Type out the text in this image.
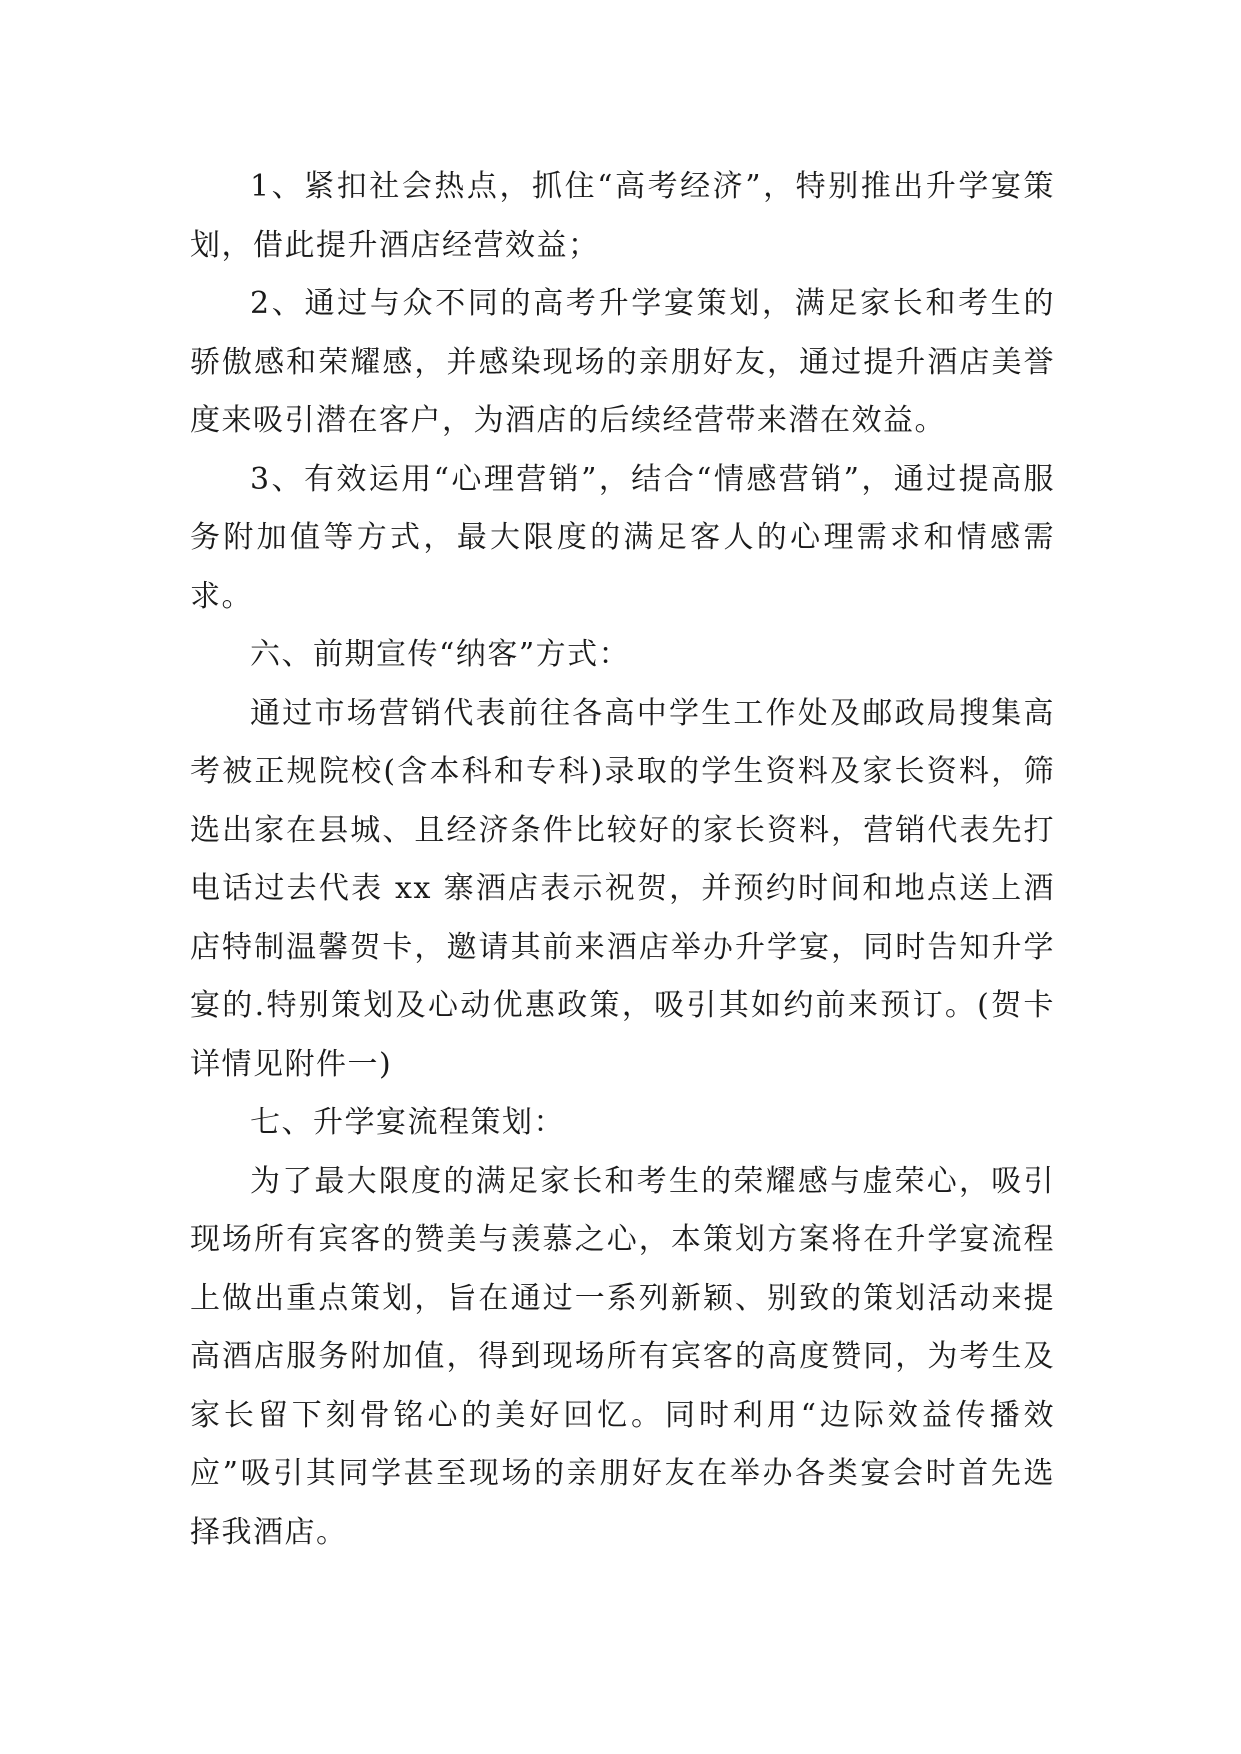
1、紧扣社会热点，抓住“高考经济”，特别推出升学宴策划，借此提升酒店经营效益；

2、通过与众不同的高考升学宴策划，满足家长和考生的骄傲感和荣耀感，并感染现场的亲朋好友，通过提升酒店美誉度来吸引潜在客户，为酒店的后续经营带来潜在效益。

3、有效运用“心理营销”，结合“情感营销”，通过提高服务附加值等方式，最大限度的满足客人的心理需求和情感需求。

六、前期宣传“纳客”方式：

通过市场营销代表前往各高中学生工作处及邮政局搜集高考被正规院校(含本科和专科)录取的学生资料及家长资料，筛选出家在县城、且经济条件比较好的家长资料，营销代表先打电话过去代表 xx 寨酒店表示祝贺，并预约时间和地点送上酒店特制温馨贺卡，邀请其前来酒店举办升学宴，同时告知升学宴的.特别策划及心动优惠政策，吸引其如约前来预订。(贺卡详情见附件一)

七、升学宴流程策划：

为了最大限度的满足家长和考生的荣耀感与虚荣心，吸引现场所有宾客的赞美与羡慕之心，本策划方案将在升学宴流程上做出重点策划，旨在通过一系列新颖、别致的策划活动来提高酒店服务附加值，得到现场所有宾客的高度赞同，为考生及家长留下刻骨铭心的美好回忆。同时利用“边际效益传播效应”吸引其同学甚至现场的亲朋好友在举办各类宴会时首先选择我酒店。
